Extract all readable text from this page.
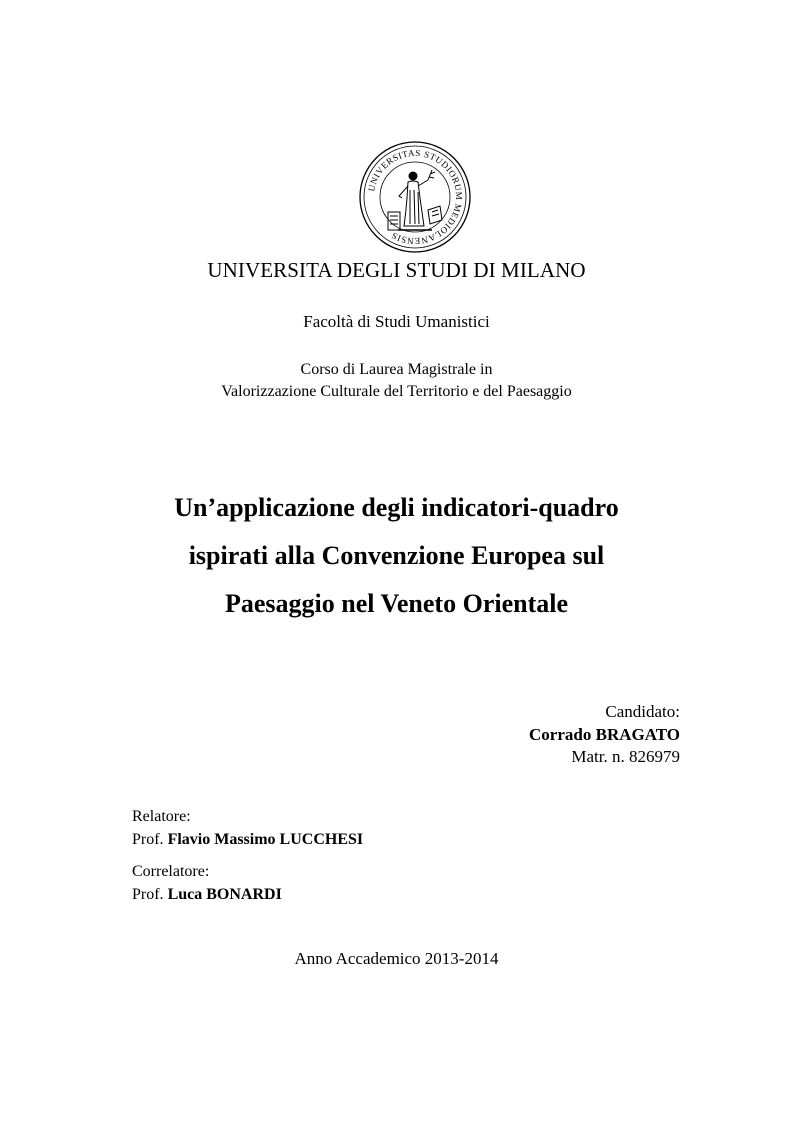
UNIVERSITAS STUDIORUM MEDIOLANENSIS
UNIVERSITA DEGLI STUDI DI MILANO
Facoltà di Studi Umanistici
Corso di Laurea Magistrale in
Valorizzazione Culturale del Territorio e del Paesaggio
Un’applicazione degli indicatori-quadro
ispirati alla Convenzione Europea sul
Paesaggio nel Veneto Orientale
Candidato:
Corrado BRAGATO
Matr. n. 826979
Relatore:
Prof. Flavio Massimo LUCCHESI
Correlatore:
Prof. Luca BONARDI
Anno Accademico 2013-2014
